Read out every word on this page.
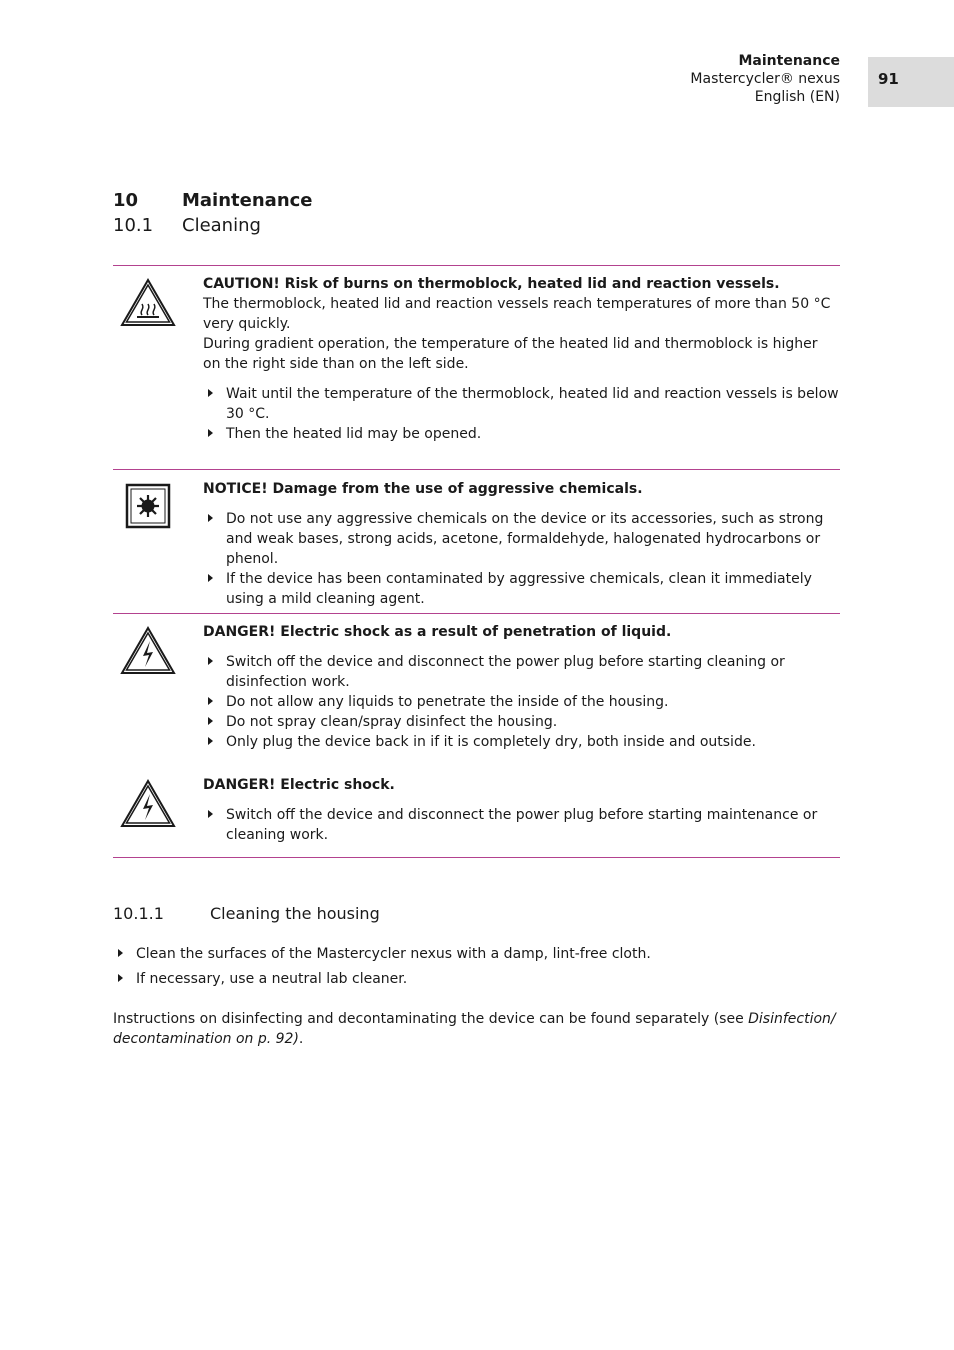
Maintenance
Mastercycler® nexus
English (EN)
91
10 Maintenance
10.1 Cleaning

CAUTION! Risk of burns on thermoblock, heated lid and reaction vessels.

The thermoblock, heated lid and reaction vessels reach temperatures of more than 50 °C very quickly.

During gradient operation, the temperature of the heated lid and thermoblock is higher on the right side than on the left side.

Wait until the temperature of the thermoblock, heated lid and reaction vessels is below 30 °C.
Then the heated lid may be opened.

NOTICE! Damage from the use of aggressive chemicals.

Do not use any aggressive chemicals on the device or its accessories, such as strong and weak bases, strong acids, acetone, formaldehyde, halogenated hydrocarbons or phenol.
If the device has been contaminated by aggressive chemicals, clean it immediately using a mild cleaning agent.

DANGER! Electric shock as a result of penetration of liquid.

Switch off the device and disconnect the power plug before starting cleaning or disinfection work.
Do not allow any liquids to penetrate the inside of the housing.
Do not spray clean/spray disinfect the housing.
Only plug the device back in if it is completely dry, both inside and outside.

DANGER! Electric shock.

Switch off the device and disconnect the power plug before starting maintenance or cleaning work.
10.1.1	Cleaning the housing
Clean the surfaces of the Mastercycler nexus with a damp, lint-free cloth.
If necessary, use a neutral lab cleaner.

Instructions on disinfecting and decontaminating the device can be found separately (see Disinfection/ decontamination on p. 92).
